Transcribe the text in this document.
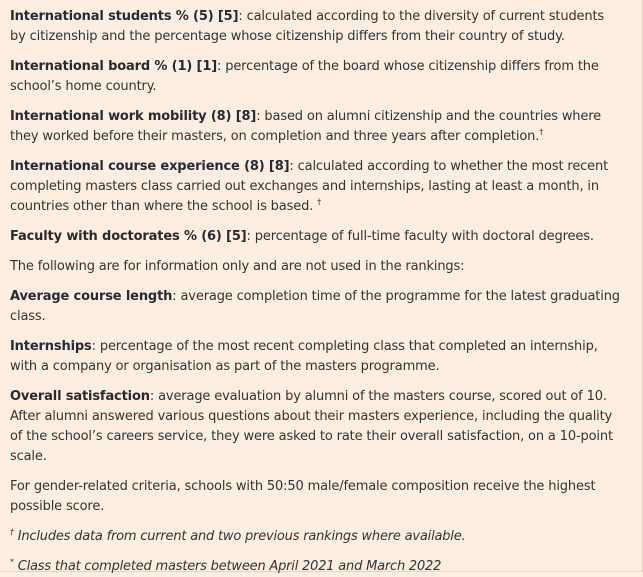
International students % (5) [5]: calculated according to the diversity of current students by citizenship and the percentage whose citizenship differs from their country of study.

International board % (1) [1]: percentage of the board whose citizenship differs from the school’s home country.

International work mobility (8) [8]: based on alumni citizenship and the countries where they worked before their masters, on completion and three years after completion.†

International course experience (8) [8]: calculated according to whether the most recent completing masters class carried out exchanges and internships, lasting at least a month, in countries other than where the school is based. †

Faculty with doctorates % (6) [5]: percentage of full-time faculty with doctoral degrees.

The following are for information only and are not used in the rankings:

Average course length: average completion time of the programme for the latest graduating class.

Internships: percentage of the most recent completing class that completed an internship, with a company or organisation as part of the masters programme.

Overall satisfaction: average evaluation by alumni of the masters course, scored out of 10. After alumni answered various questions about their masters experience, including the quality of the school’s careers service, they were asked to rate their overall satisfaction, on a 10-point scale.

For gender-related criteria, schools with 50:50 male/female composition receive the highest possible score.

† Includes data from current and two previous rankings where available.

* Class that completed masters between April 2021 and March 2022
